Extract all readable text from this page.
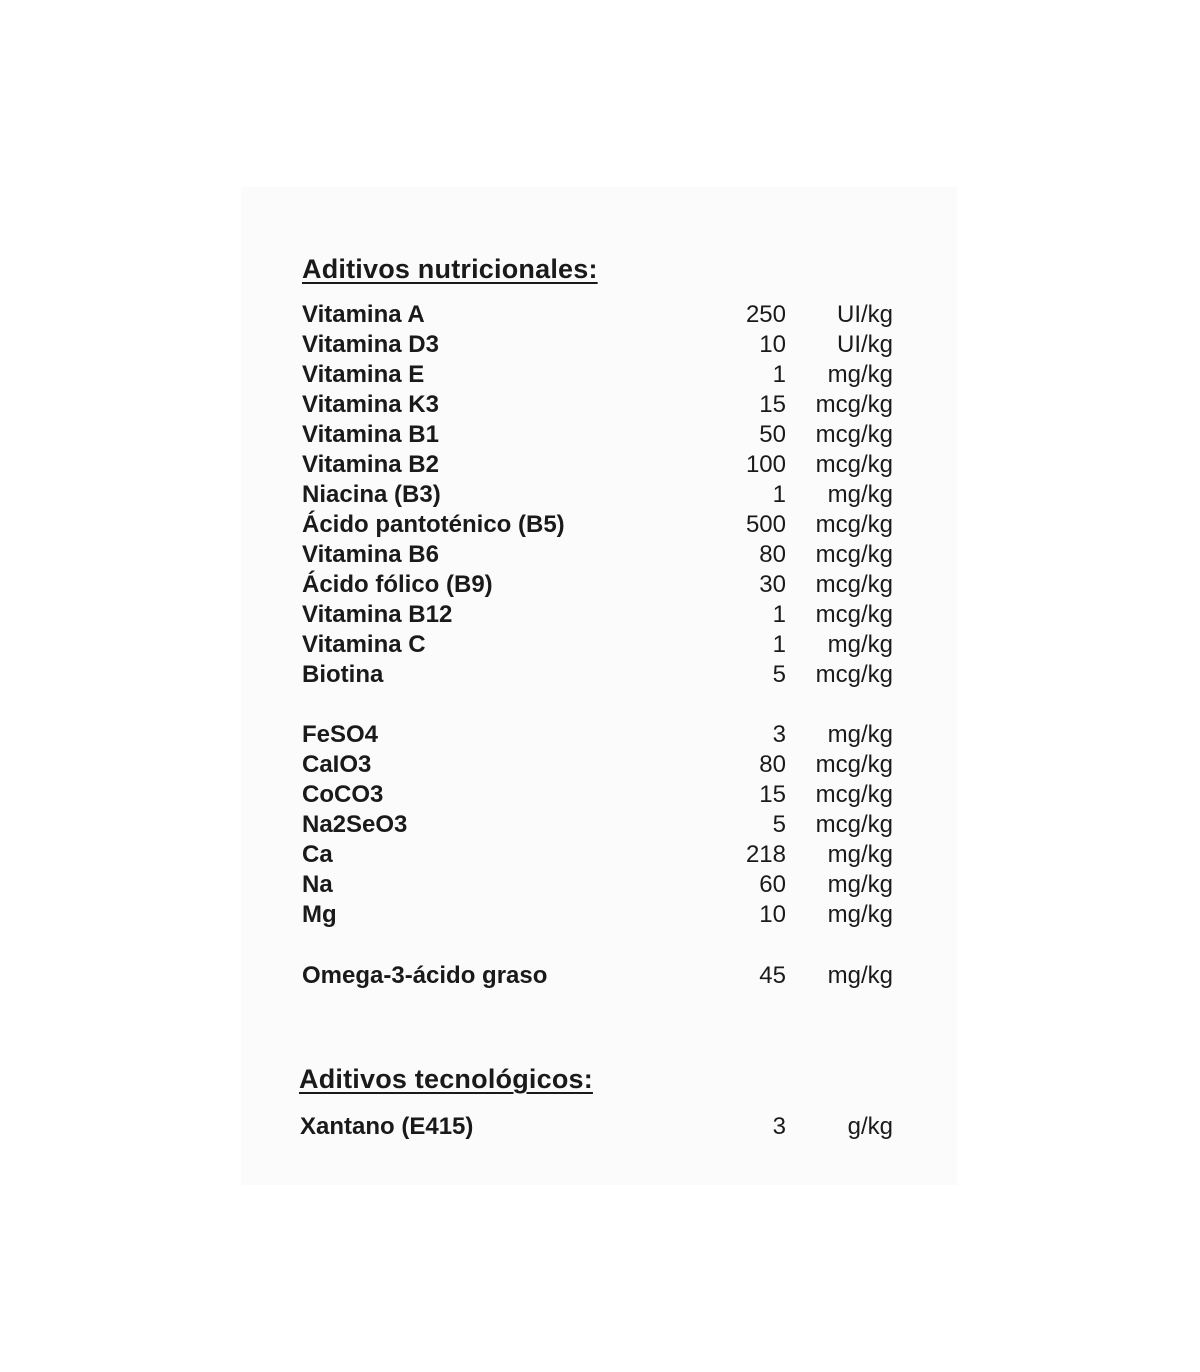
Aditivos nutricionales:
Vitamina A	250 UI/kg
Vitamina D3	10 UI/kg
Vitamina E	1 mg/kg
Vitamina K3	15 mcg/kg
Vitamina B1	50 mcg/kg
Vitamina B2	100 mcg/kg
Niacina (B3)	1 mg/kg
Ácido pantoténico (B5)	500 mcg/kg
Vitamina B6	80 mcg/kg
Ácido fólico (B9)	30 mcg/kg
Vitamina B12	1 mcg/kg
Vitamina C	1 mg/kg
Biotina	5 mcg/kg
FeSO4	3 mg/kg
CaIO3	80 mcg/kg
CoCO3	15 mcg/kg
Na2SeO3	5 mcg/kg
Ca	218 mg/kg
Na	60 mg/kg
Mg	10 mg/kg
Omega-3-ácido graso	45 mg/kg
Aditivos tecnológicos:
Xantano (E415)	3	g/kg
